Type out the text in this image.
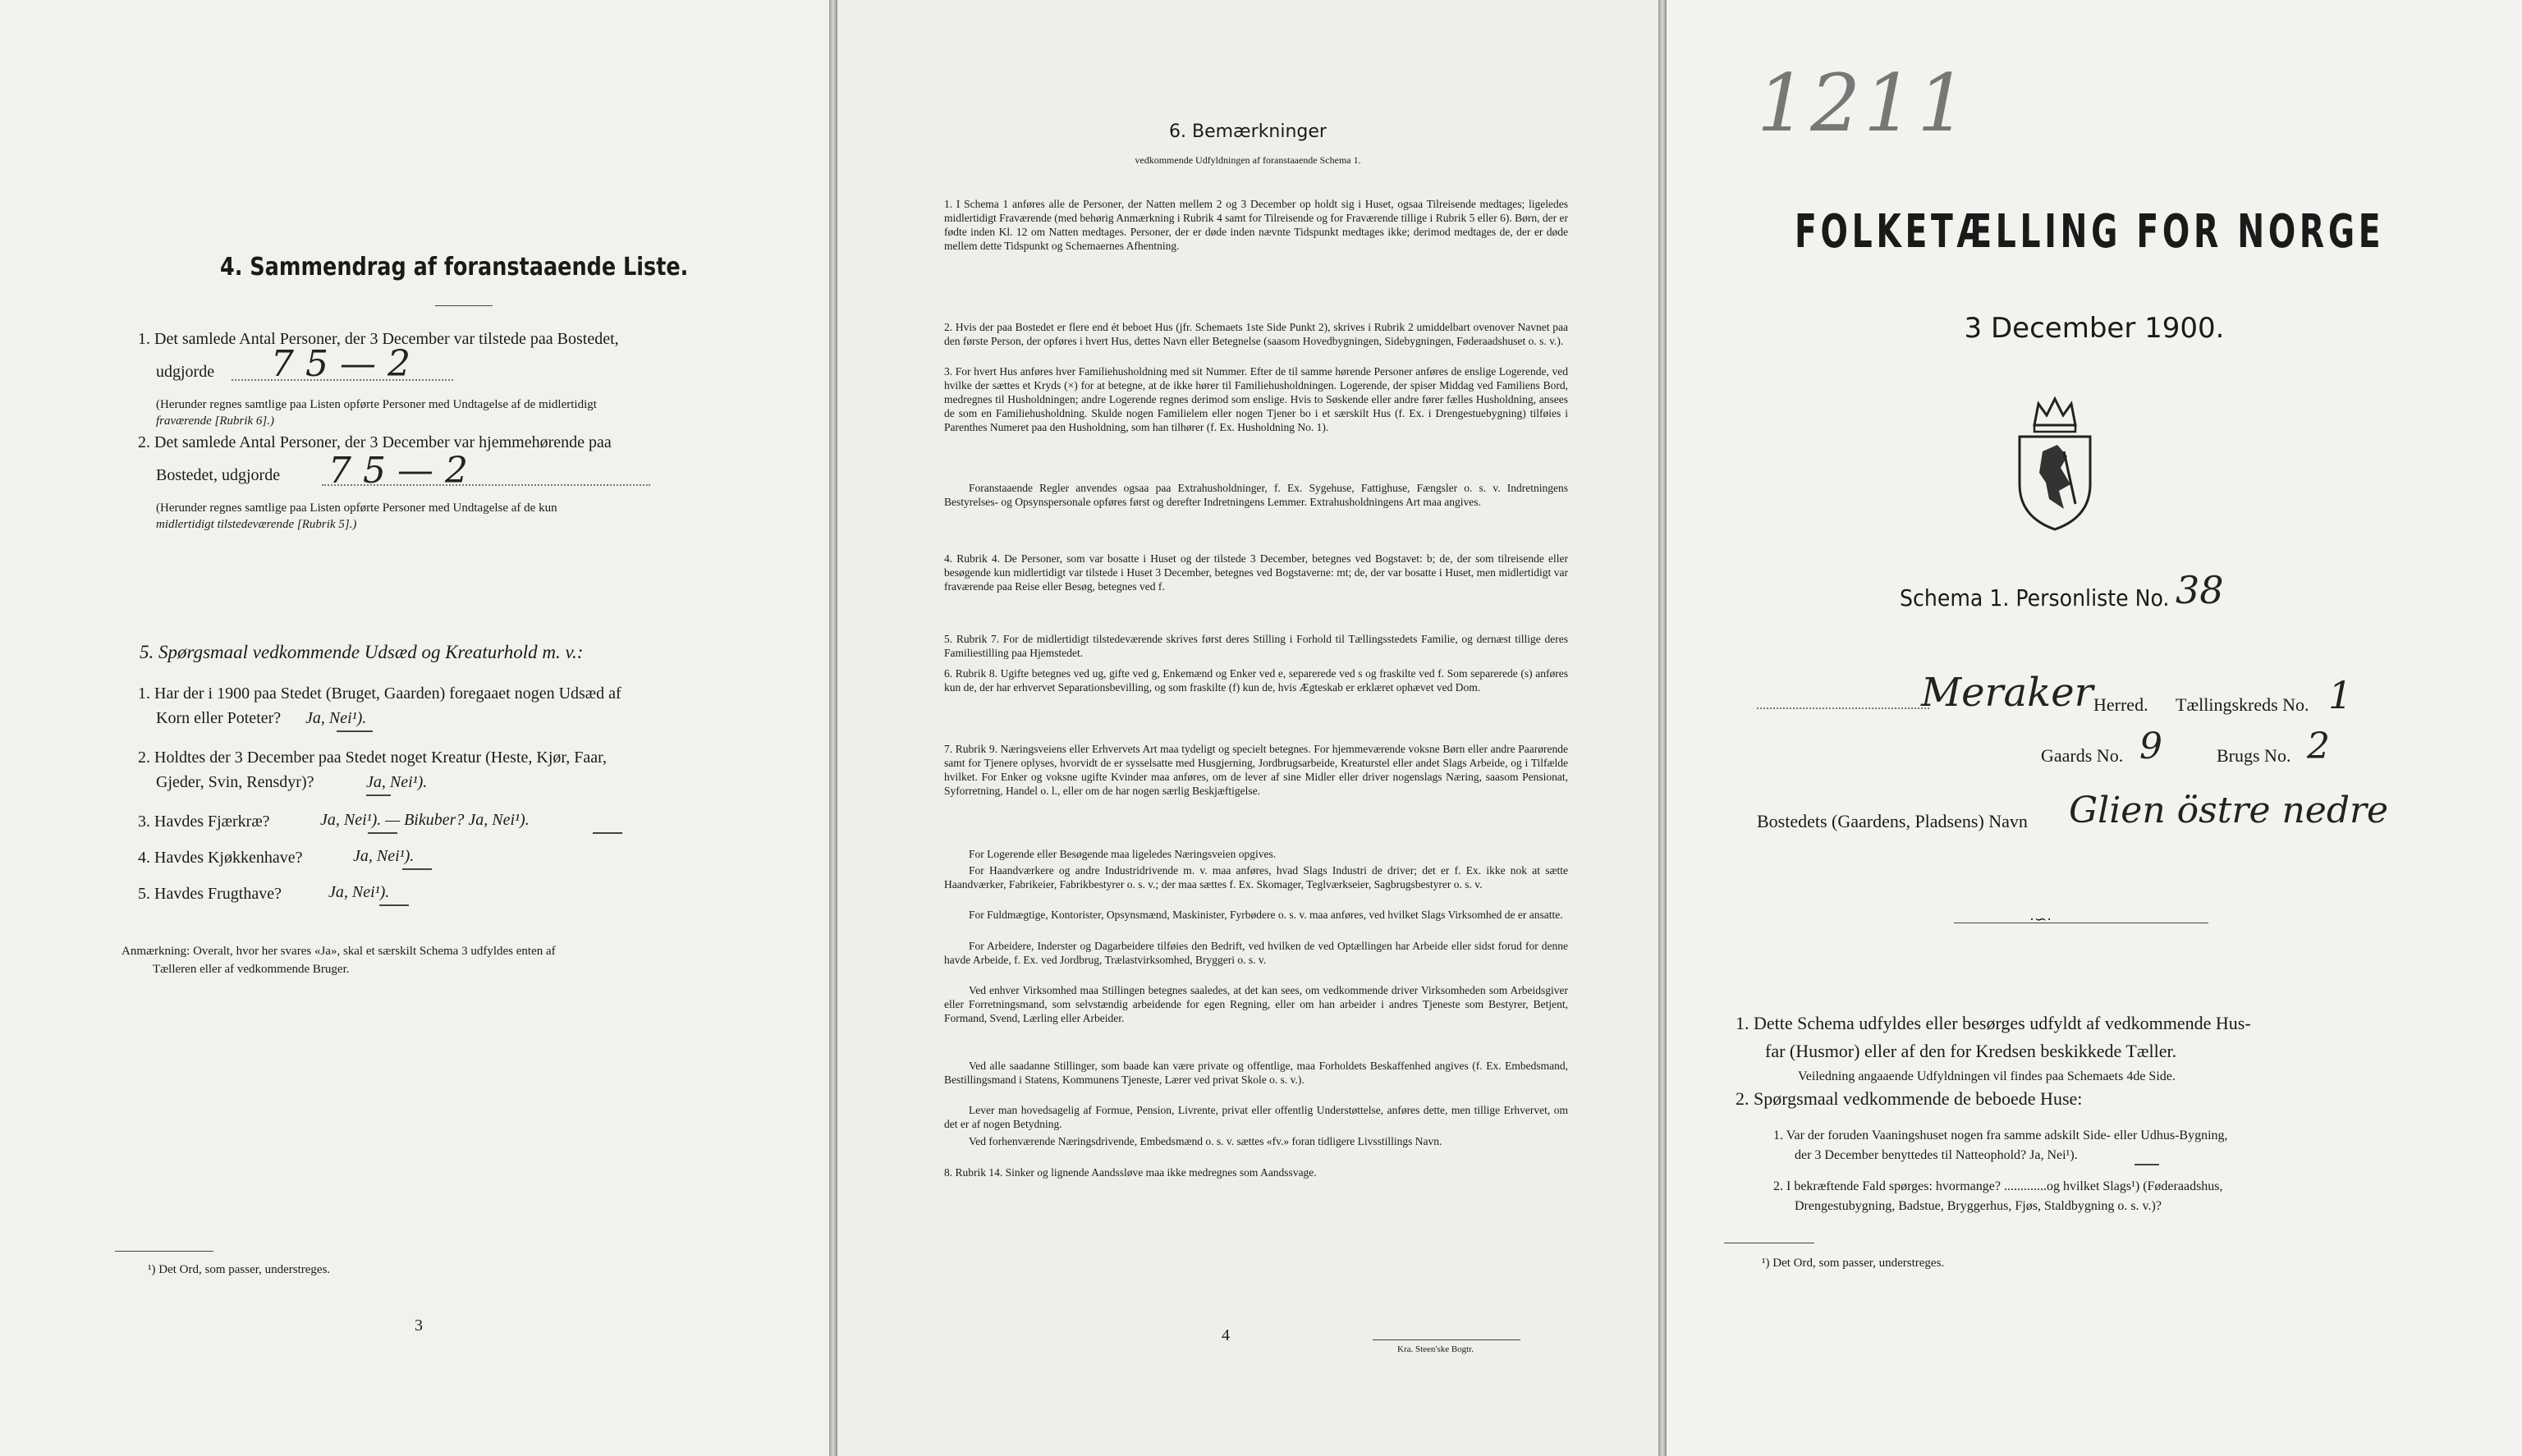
4. Sammendrag af foranstaaende Liste.
1. Det samlede Antal Personer, der 3 December var tilstede paa Bostedet,
udgjorde 7 5 — 2
(Herunder regnes samtlige paa Listen opførte Personer med Undtagelse af de midlertidigt
fraværende [Rubrik 6].)
2. Det samlede Antal Personer, der 3 December var hjemmehørende paa
Bostedet, udgjorde 7 5 — 2
(Herunder regnes samtlige paa Listen opførte Personer med Undtagelse af de kun
midlertidigt tilstedeværende [Rubrik 5].)
5. Spørgsmaal vedkommende Udsæd og Kreaturhold m. v.:
1. Har der i 1900 paa Stedet (Bruget, Gaarden) foregaaet nogen Udsæd af
Korn eller Poteter? Ja, Nei¹).
2. Holdtes der 3 December paa Stedet noget Kreatur (Heste, Kjør, Faar,
Gjeder, Svin, Rensdyr)?	Ja, Nei¹).
3. Havdes Fjærkræ?	Ja, Nei¹). — Bikuber? Ja, Nei¹).
4. Havdes Kjøkkenhave?	Ja, Nei¹).
5. Havdes Frugthave?	Ja, Nei¹).
Anmærkning: Overalt, hvor her svares «Ja», skal et særskilt Schema 3 udfyldes enten af
Tælleren eller af vedkommende Bruger.
¹) Det Ord, som passer, understreges.
3
6. Bemærkninger
vedkommende Udfyldningen af foranstaaende Schema 1.
1. I Schema 1 anføres alle de Personer, der Natten mellem 2 og 3 December op holdt sig i Huset, ogsaa Tilreisende medtages; ligeledes midlertidigt Fraværende (med behørig Anmærkning i Rubrik 4 samt for Tilreisende og for Fraværende tillige i Rubrik 5 eller 6). Børn, der er fødte inden Kl. 12 om Natten medtages. Personer, der er døde inden nævnte Tidspunkt medtages ikke; derimod medtages de, der er døde mellem dette Tidspunkt og Schemaernes Afhentning.
2. Hvis der paa Bostedet er flere end ét beboet Hus (jfr. Schemaets 1ste Side Punkt 2), skrives i Rubrik 2 umiddelbart ovenover Navnet paa den første Person, der opføres i hvert Hus, dettes Navn eller Betegnelse (saasom Hovedbygningen, Sidebygningen, Føderaadshuset o. s. v.).
3. For hvert Hus anføres hver Familiehusholdning med sit Nummer. Efter de til samme hørende Personer anføres de enslige Logerende, ved hvilke der sættes et Kryds (×) for at betegne, at de ikke hører til Familiehusholdningen. Logerende, der spiser Middag ved Familiens Bord, medregnes til Husholdningen; andre Logerende regnes derimod som enslige. Hvis to Søskende eller andre fører fælles Husholdning, ansees de som en Familiehusholdning. Skulde nogen Familielem eller nogen Tjener bo i et særskilt Hus (f. Ex. i Drengestuebygning) tilføies i Parenthes Numeret paa den Husholdning, som han tilhører (f. Ex. Husholdning No. 1).
Foranstaaende Regler anvendes ogsaa paa Extrahusholdninger, f. Ex. Sygehuse, Fattighuse, Fængsler o. s. v. Indretningens Bestyrelses- og Opsynspersonale opføres først og derefter Indretningens Lemmer. Extrahusholdningens Art maa angives.
4. Rubrik 4. De Personer, som var bosatte i Huset og der tilstede 3 December, betegnes ved Bogstavet: b; de, der som tilreisende eller besøgende kun midlertidigt var tilstede i Huset 3 December, betegnes ved Bogstaverne: mt; de, der var bosatte i Huset, men midlertidigt var fraværende paa Reise eller Besøg, betegnes ved f.
5. Rubrik 7. For de midlertidigt tilstedeværende skrives først deres Stilling i Forhold til Tællingsstedets Familie, og dernæst tillige deres Familiestilling paa Hjemstedet.
6. Rubrik 8. Ugifte betegnes ved ug, gifte ved g, Enkemænd og Enker ved e, separerede ved s og fraskilte ved f. Som separerede (s) anføres kun de, der har erhvervet Separationsbevilling, og som fraskilte (f) kun de, hvis Ægteskab er erklæret ophævet ved Dom.
7. Rubrik 9. Næringsveiens eller Erhvervets Art maa tydeligt og specielt betegnes. For hjemmeværende voksne Børn eller andre Paarørende samt for Tjenere oplyses, hvorvidt de er sysselsatte med Husgjerning, Jordbrugsarbeide, Kreaturstel eller andet Slags Arbeide, og i Tilfælde hvilket. For Enker og voksne ugifte Kvinder maa anføres, om de lever af sine Midler eller driver nogenslags Næring, saasom Pensionat, Syforretning, Handel o. l., eller om de har nogen særlig Beskjæftigelse.
For Logerende eller Besøgende maa ligeledes Næringsveien opgives.
For Haandværkere og andre Industridrivende m. v. maa anføres, hvad Slags Industri de driver; det er f. Ex. ikke nok at sætte Haandværker, Fabrikeier, Fabrikbestyrer o. s. v.; der maa sættes f. Ex. Skomager, Teglværkseier, Sagbrugsbestyrer o. s. v.
For Fuldmægtige, Kontorister, Opsynsmænd, Maskinister, Fyrbødere o. s. v. maa anføres, ved hvilket Slags Virksomhed de er ansatte.
For Arbeidere, Inderster og Dagarbeidere tilføies den Bedrift, ved hvilken de ved Optællingen har Arbeide eller sidst forud for denne havde Arbeide, f. Ex. ved Jordbrug, Trælastvirksomhed, Bryggeri o. s. v.
Ved enhver Virksomhed maa Stillingen betegnes saaledes, at det kan sees, om vedkommende driver Virksomheden som Arbeidsgiver eller Forretningsmand, som selvstændig arbeidende for egen Regning, eller om han arbeider i andres Tjeneste som Bestyrer, Betjent, Formand, Svend, Lærling eller Arbeider.
Ved alle saadanne Stillinger, som baade kan være private og offentlige, maa Forholdets Beskaffenhed angives (f. Ex. Embedsmand, Bestillingsmand i Statens, Kommunens Tjeneste, Lærer ved privat Skole o. s. v.).
Lever man hovedsagelig af Formue, Pension, Livrente, privat eller offentlig Understøttelse, anføres dette, men tillige Erhvervet, om det er af nogen Betydning.
Ved forhenværende Næringsdrivende, Embedsmænd o. s. v. sættes «fv.» foran tidligere Livsstillings Navn.
8. Rubrik 14. Sinker og lignende Aandssløve maa ikke medregnes som Aandssvage.
4
Kra. Steen'ske Bogtr.
1211
FOLKETÆLLING FOR NORGE
3 December 1900.
Schema 1. Personliste No. 38
Meraker Herred. Tællingskreds No. 1
Gaards No. 9	Brugs No. 2
Bostedets (Gaardens, Pladsens) Navn Glien östre nedre
·∽·
1. Dette Schema udfyldes eller besørges udfyldt af vedkommende Hus-
far (Husmor) eller af den for Kredsen beskikkede Tæller.
Veiledning angaaende Udfyldningen vil findes paa Schemaets 4de Side.
2. Spørgsmaal vedkommende de beboede Huse:
1. Var der foruden Vaaningshuset nogen fra samme adskilt Side- eller Udhus-Bygning,
der 3 December benyttedes til Natteophold? Ja, Nei¹).
2. I bekræftende Fald spørges: hvormange? .............og hvilket Slags¹) (Føderaadshus,
Drengestubygning, Badstue, Bryggerhus, Fjøs, Staldbygning o. s. v.)?
¹) Det Ord, som passer, understreges.
